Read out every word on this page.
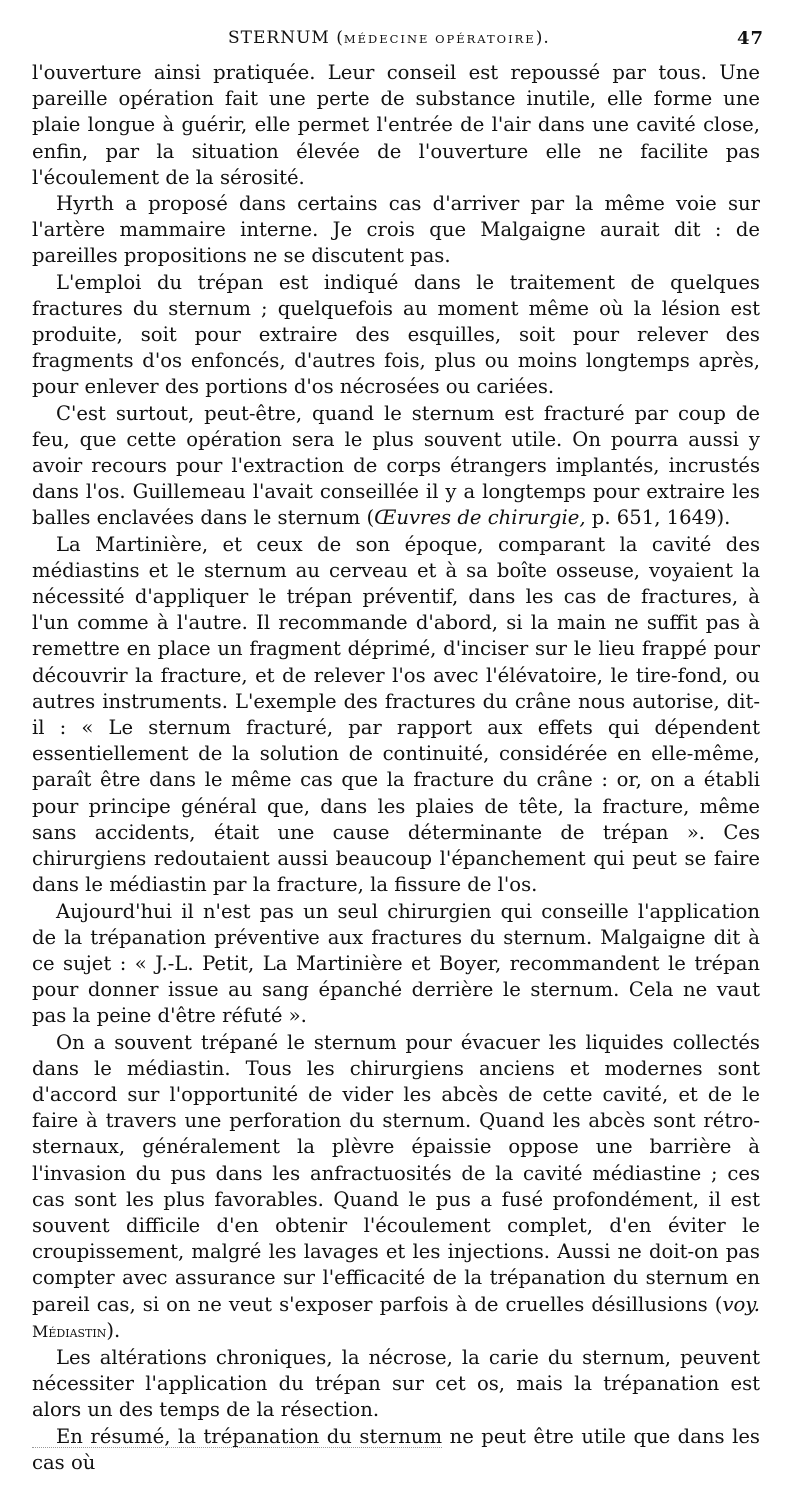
STERNUM (MÉDECINE OPÉRATOIRE).	47

l'ouverture ainsi pratiquée. Leur conseil est repoussé par tous. Une pareille opération fait une perte de substance inutile, elle forme une plaie longue à guérir, elle permet l'entrée de l'air dans une cavité close, enfin, par la situation élevée de l'ouverture elle ne facilite pas l'écoulement de la sérosité.

Hyrth a proposé dans certains cas d'arriver par la même voie sur l'artère mammaire interne. Je crois que Malgaigne aurait dit : de pareilles propositions ne se discutent pas.

L'emploi du trépan est indiqué dans le traitement de quelques fractures du sternum ; quelquefois au moment même où la lésion est produite, soit pour extraire des esquilles, soit pour relever des fragments d'os enfoncés, d'autres fois, plus ou moins longtemps après, pour enlever des portions d'os nécrosées ou cariées.

C'est surtout, peut-être, quand le sternum est fracturé par coup de feu, que cette opération sera le plus souvent utile. On pourra aussi y avoir recours pour l'extraction de corps étrangers implantés, incrustés dans l'os. Guillemeau l'avait conseillée il y a longtemps pour extraire les balles enclavées dans le sternum (Œuvres de chirurgie, p. 651, 1649).

La Martinière, et ceux de son époque, comparant la cavité des médiastins et le sternum au cerveau et à sa boîte osseuse, voyaient la nécessité d'appliquer le trépan préventif, dans les cas de fractures, à l'un comme à l'autre. Il recommande d'abord, si la main ne suffit pas à remettre en place un fragment déprimé, d'inciser sur le lieu frappé pour découvrir la fracture, et de relever l'os avec l'élévatoire, le tire-fond, ou autres instruments. L'exemple des fractures du crâne nous autorise, dit-il : « Le sternum fracturé, par rapport aux effets qui dépendent essentiellement de la solution de continuité, considérée en elle-même, paraît être dans le même cas que la fracture du crâne : or, on a établi pour principe général que, dans les plaies de tête, la fracture, même sans accidents, était une cause déterminante de trépan ». Ces chirurgiens redoutaient aussi beaucoup l'épanchement qui peut se faire dans le médiastin par la fracture, la fissure de l'os.

Aujourd'hui il n'est pas un seul chirurgien qui conseille l'application de la trépanation préventive aux fractures du sternum. Malgaigne dit à ce sujet : « J.-L. Petit, La Martinière et Boyer, recommandent le trépan pour donner issue au sang épanché derrière le sternum. Cela ne vaut pas la peine d'être réfuté ».

On a souvent trépané le sternum pour évacuer les liquides collectés dans le médiastin. Tous les chirurgiens anciens et modernes sont d'accord sur l'opportunité de vider les abcès de cette cavité, et de le faire à travers une perforation du sternum. Quand les abcès sont rétro-sternaux, généralement la plèvre épaissie oppose une barrière à l'invasion du pus dans les anfractuosités de la cavité médiastine ; ces cas sont les plus favorables. Quand le pus a fusé profondément, il est souvent difficile d'en obtenir l'écoulement complet, d'en éviter le croupissement, malgré les lavages et les injections. Aussi ne doit-on pas compter avec assurance sur l'efficacité de la trépanation du sternum en pareil cas, si on ne veut s'exposer parfois à de cruelles désillusions (voy. Médiastin).

Les altérations chroniques, la nécrose, la carie du sternum, peuvent nécessiter l'application du trépan sur cet os, mais la trépanation est alors un des temps de la résection.

En résumé, la trépanation du sternum ne peut être utile que dans les cas où
